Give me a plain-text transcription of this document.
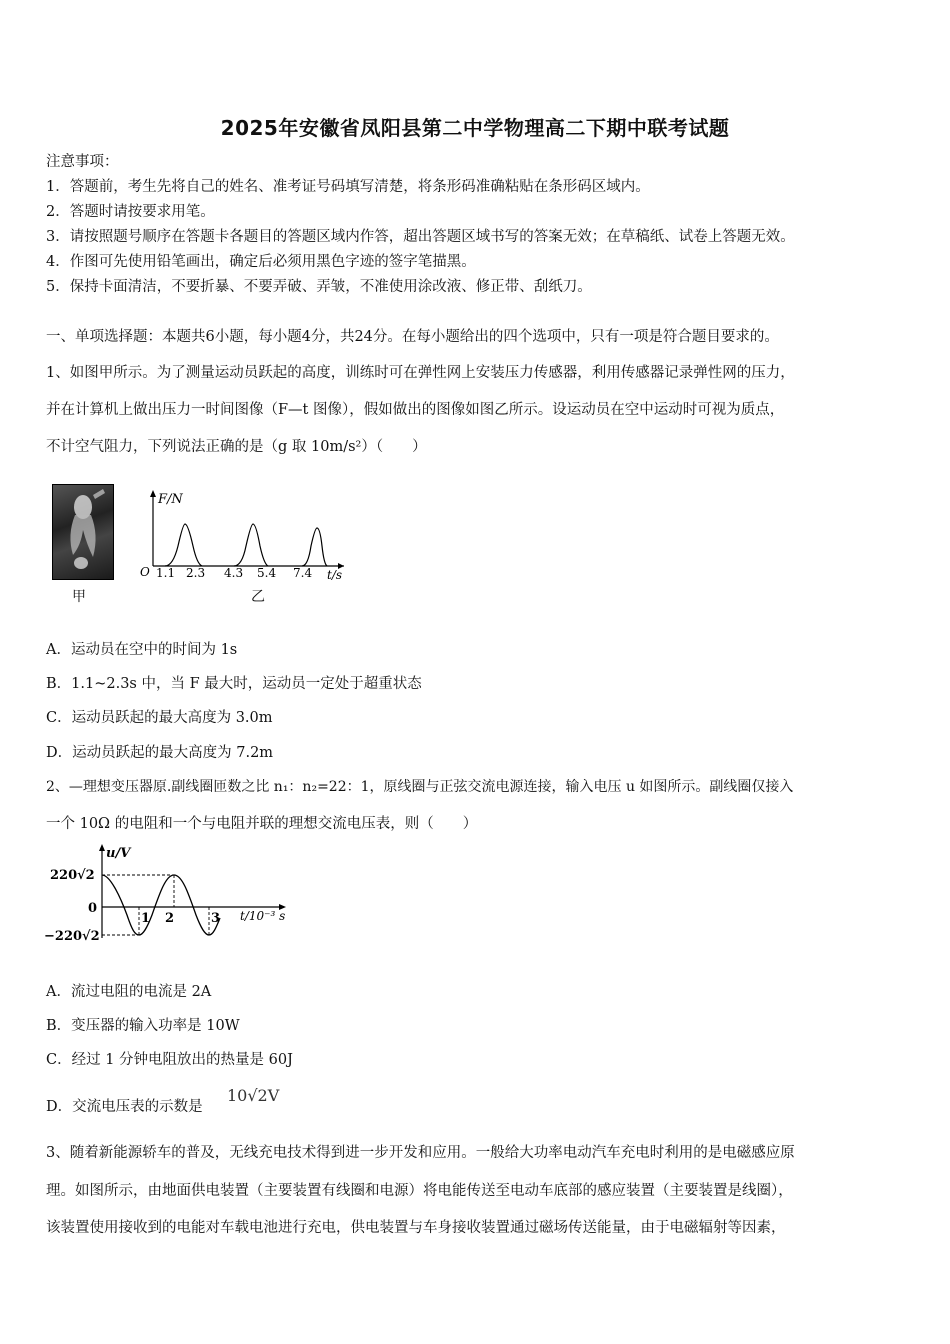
2025年安徽省凤阳县第二中学物理高二下期中联考试题
注意事项：
1．答题前，考生先将自己的姓名、准考证号码填写清楚，将条形码准确粘贴在条形码区域内。
2．答题时请按要求用笔。
3．请按照题号顺序在答题卡各题目的答题区域内作答，超出答题区域书写的答案无效；在草稿纸、试卷上答题无效。
4．作图可先使用铅笔画出，确定后必须用黑色字迹的签字笔描黑。
5．保持卡面清洁，不要折暴、不要弄破、弄皱，不准使用涂改液、修正带、刮纸刀。
一、单项选择题：本题共6小题，每小题4分，共24分。在每小题给出的四个选项中，只有一项是符合题目要求的。
1、如图甲所示。为了测量运动员跃起的高度，训练时可在弹性网上安装压力传感器，利用传感器记录弹性网的压力，
并在计算机上做出压力一时间图像（F—t 图像），假如做出的图像如图乙所示。设运动员在空中运动时可视为质点，
不计空气阻力，下列说法正确的是（g 取 10m/s²）（　　）
甲
F/N
O 1.1 2.3 4.3 5.4 7.4 t/s
乙
A．运动员在空中的时间为 1s
B．1.1~2.3s 中，当 F 最大时，运动员一定处于超重状态
C．运动员跃起的最大高度为 3.0m
D．运动员跃起的最大高度为 7.2m
2、—理想变压器原.副线圈匝数之比 n₁：n₂=22：1，原线圈与正弦交流电源连接，输入电压 u 如图所示。副线圈仅接入
一个 10Ω 的电阻和一个与电阻并联的理想交流电压表，则（　　）
u/V
220√2
0
−220√2
1 2	3 t/10⁻³ s
A．流过电阻的电流是 2A
B．变压器的输入功率是 10W
C．经过 1 分钟电阻放出的热量是 60J
D．交流电压表的示数是
10√2V
3、随着新能源轿车的普及，无线充电技术得到进一步开发和应用。一般给大功率电动汽车充电时利用的是电磁感应原
理。如图所示，由地面供电装置（主要装置有线圈和电源）将电能传送至电动车底部的感应装置（主要装置是线圈），
该装置使用接收到的电能对车载电池进行充电，供电装置与车身接收装置通过磁场传送能量，由于电磁辐射等因素，
